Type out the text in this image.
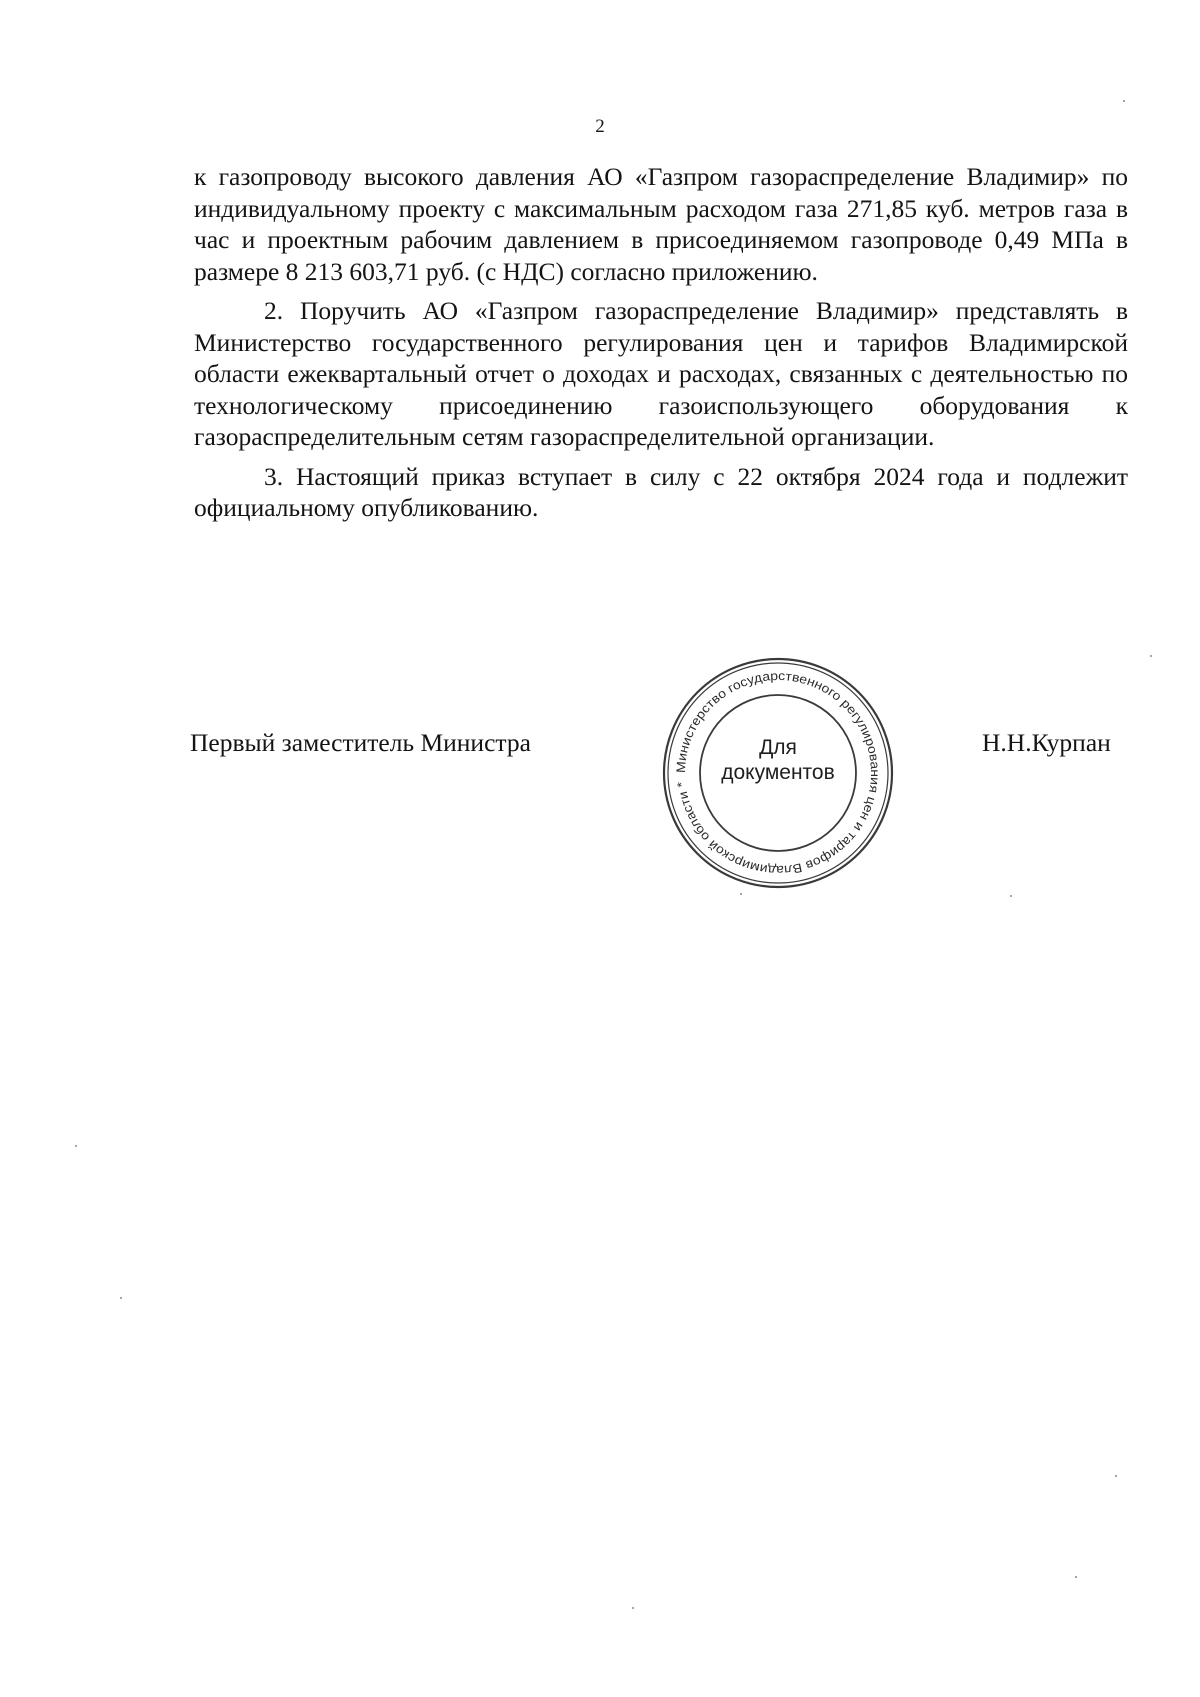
2

к газопроводу высокого давления АО «Газпром газораспределение Владимир» по индивидуальному проекту с максимальным расходом газа 271,85 куб. метров газа в час и проектным рабочим давлением в присоединяемом газопроводе 0,49 МПа в размере 8 213 603,71 руб. (с НДС) согласно приложению.

2. Поручить АО «Газпром газораспределение Владимир» представлять в Министерство государственного регулирования цен и тарифов Владимирской области ежеквартальный отчет о доходах и расходах, связанных с деятельностью по технологическому присоединению газоиспользующего оборудования к газораспределительным сетям газораспределительной организации.

3. Настоящий приказ вступает в силу с 22 октября 2024 года и подлежит официальному опубликованию.

Первый заместитель Министра
Министерство государственного регулирования цен и тарифов Владимирской области *
Для
документов
Н.Н.Курпан
